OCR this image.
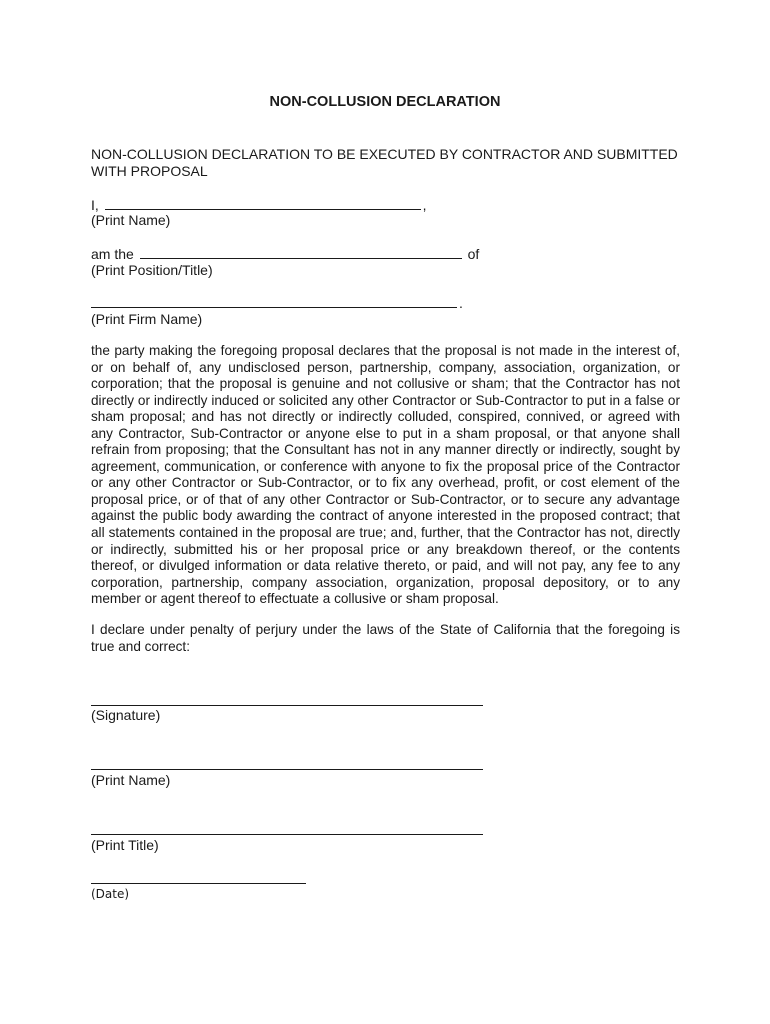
NON-COLLUSION DECLARATION
NON-COLLUSION DECLARATION TO BE EXECUTED BY CONTRACTOR AND SUBMITTED WITH PROPOSAL
I,	,
(Print Name)
am the	of
(Print Position/Title)
.
(Print Firm Name)
the party making the foregoing proposal declares that the proposal is not made in the interest of, or on behalf of, any undisclosed person, partnership, company, association, organization, or corporation; that the proposal is genuine and not collusive or sham; that the Contractor has not directly or indirectly induced or solicited any other Contractor or Sub-Contractor to put in a false or sham proposal; and has not directly or indirectly colluded, conspired, connived, or agreed with any Contractor, Sub-Contractor or anyone else to put in a sham proposal, or that anyone shall refrain from proposing; that the Consultant has not in any manner directly or indirectly, sought by agreement, communication, or conference with anyone to fix the proposal price of the Contractor or any other Contractor or Sub-Contractor, or to fix any overhead, profit, or cost element of the proposal price, or of that of any other Contractor or Sub-Contractor, or to secure any advantage against the public body awarding the contract of anyone interested in the proposed contract; that all statements contained in the proposal are true; and, further, that the Contractor has not, directly or indirectly, submitted his or her proposal price or any breakdown thereof, or the contents thereof, or divulged information or data relative thereto, or paid, and will not pay, any fee to any corporation, partnership, company association, organization, proposal depository, or to any member or agent thereof to effectuate a collusive or sham proposal.
I declare under penalty of perjury under the laws of the State of California that the foregoing is true and correct:
(Signature)
(Print Name)
(Print Title)
(Date)
